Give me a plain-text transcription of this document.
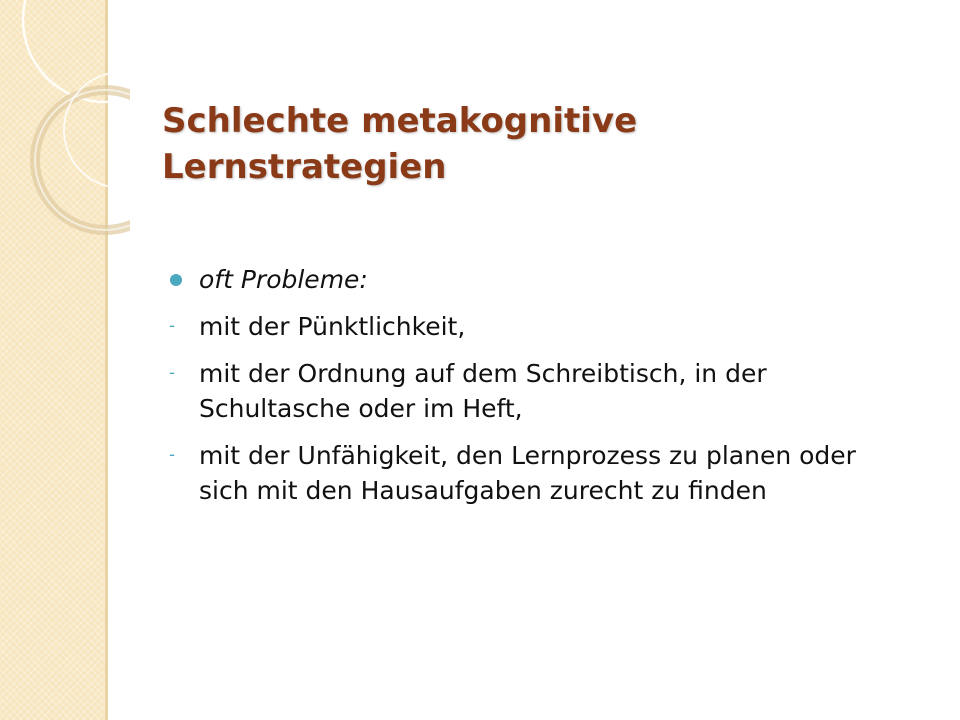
Schlechte metakognitive Lernstrategien
oft Probleme:
- mit der Pünktlichkeit,
- mit der Ordnung auf dem Schreibtisch, in der Schultasche oder im Heft,
- mit der Unfähigkeit, den Lernprozess zu planen oder sich mit den Hausaufgaben zurecht zu finden
